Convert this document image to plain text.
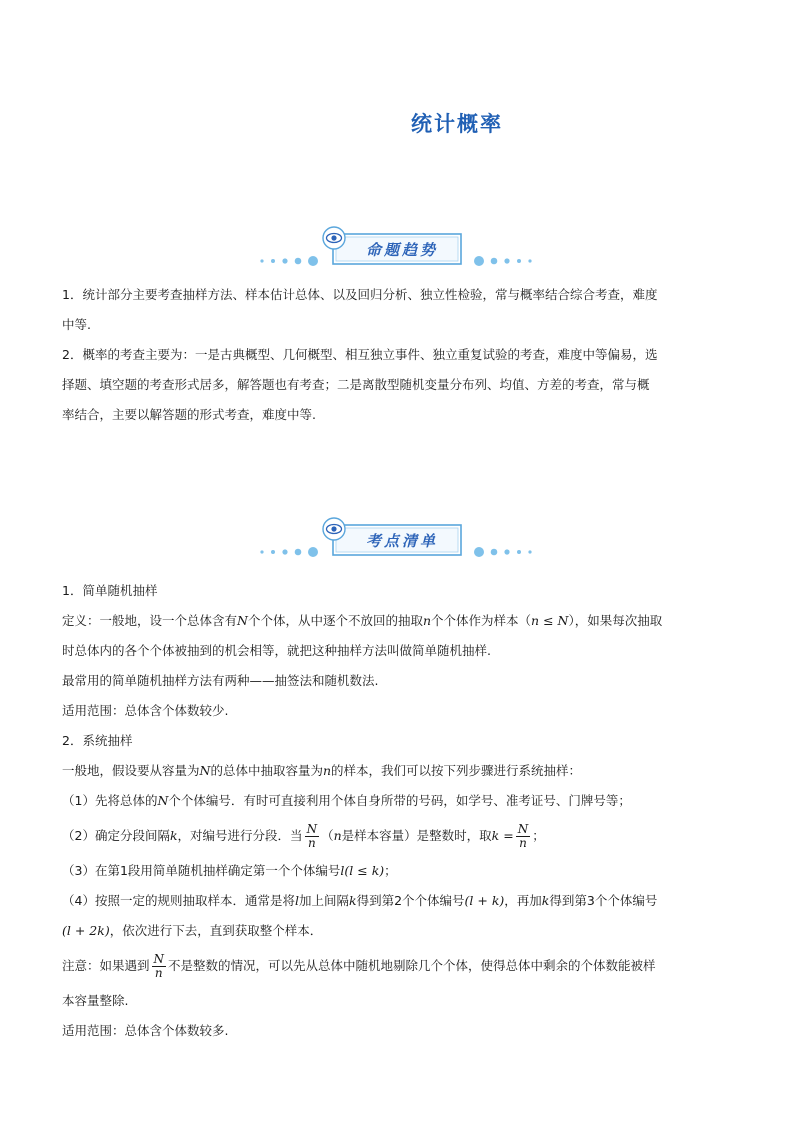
统计概率
命题趋势
1．统计部分主要考查抽样方法、样本估计总体、以及回归分析、独立性检验，常与概率结合综合考查，难度
中等.
2．概率的考查主要为：一是古典概型、几何概型、相互独立事件、独立重复试验的考查，难度中等偏易，选
择题、填空题的考查形式居多，解答题也有考查；二是离散型随机变量分布列、均值、方差的考查，常与概
率结合，主要以解答题的形式考查，难度中等.
考点清单
1．简单随机抽样
定义：一般地，设一个总体含有N个个体，从中逐个不放回的抽取n个个体作为样本（n ≤ N），如果每次抽取
时总体内的各个个体被抽到的机会相等，就把这种抽样方法叫做简单随机抽样.
最常用的简单随机抽样方法有两种——抽签法和随机数法.
适用范围：总体含个体数较少.
2．系统抽样
一般地，假设要从容量为N的总体中抽取容量为n的样本，我们可以按下列步骤进行系统抽样：
（1）先将总体的N个个体编号．有时可直接利用个体自身所带的号码，如学号、准考证号、门牌号等；
（2）确定分段间隔k，对编号进行分段．当 $\frac{N}{n} (n$是样本容量）是整数时，取$k = \frac{N}{n}$ ；
（3）在第1段用简单随机抽样确定第一个个体编号l(l ≤ k)；
（4）按照一定的规则抽取样本．通常是将l加上间隔k得到第2个个体编号(l + k)，再加k得到第3个个体编号
(l + 2k)，依次进行下去，直到获取整个样本．
注意：如果遇到 $\frac{N}{n}$ 不是整数的情况，可以先从总体中随机地剔除几个个体，使得总体中剩余的个体数能被样
本容量整除.
适用范围：总体含个体数较多.
